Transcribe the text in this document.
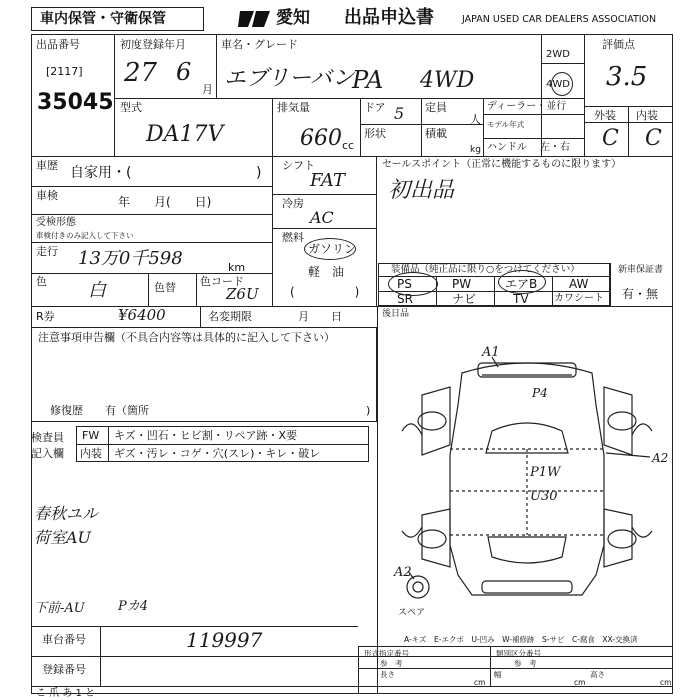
車内保管・守衛保管	愛知 出品申込書	JAPAN USED CAR DEALERS ASSOCIATION
出品番号
[2117]
35045
初度登録年月
27 6
月
車名・グレード
エブリーバン
PA 4WD
2WD
4WD
評価点
3.5
外装 内装
C C
型式
DA17V
排気量
660 cc
ドア 5
形状
定員
人
積載
kg
ディーラー・並行
モデル年式
ハンドル 左・右
車歴 自家用・(	)
車検	年　　月(　　日)
受検形態
車検付きのみ記入して下さい
走行 13万0千598	km
色 白	色替 色コード
Z6U
シフト
FAT
冷房
AC
燃料
ガソリン
軽　油
(　　　　　)
セールスポイント（正常に機能するものに限ります）
初出品
装備品（純正品に限り○をつけてください）
PS	PW	エアB	AW
SR	ナビ	TV	カワシート
新車保証書
有・無
R券	¥6400	名変期限	月　　日	後日品
注意事項申告欄（不具合内容等は具体的に記入して下さい）
修復歴　　有（箇所	)
検査員
記入欄
FW キズ・凹石・ヒビ割・リペア跡・X要
内装 ギズ・汚レ・コゲ・穴(スレ)・キレ・破レ
春秋ユル
荷室AU
下前-AU	Pカ4
A1
P4
P1W
U30
A2
A2
スペア
A-キズ　E-エクボ　U-凹み　W-補修跡　S-サビ　C-腐食　XX-交換済
車台番号	119997
登録番号
形式指定番号
参　考
類別区分番号
参　考
長さ
cm
幅
cm
高さ
cm
こ 爪 あ 1 と　
